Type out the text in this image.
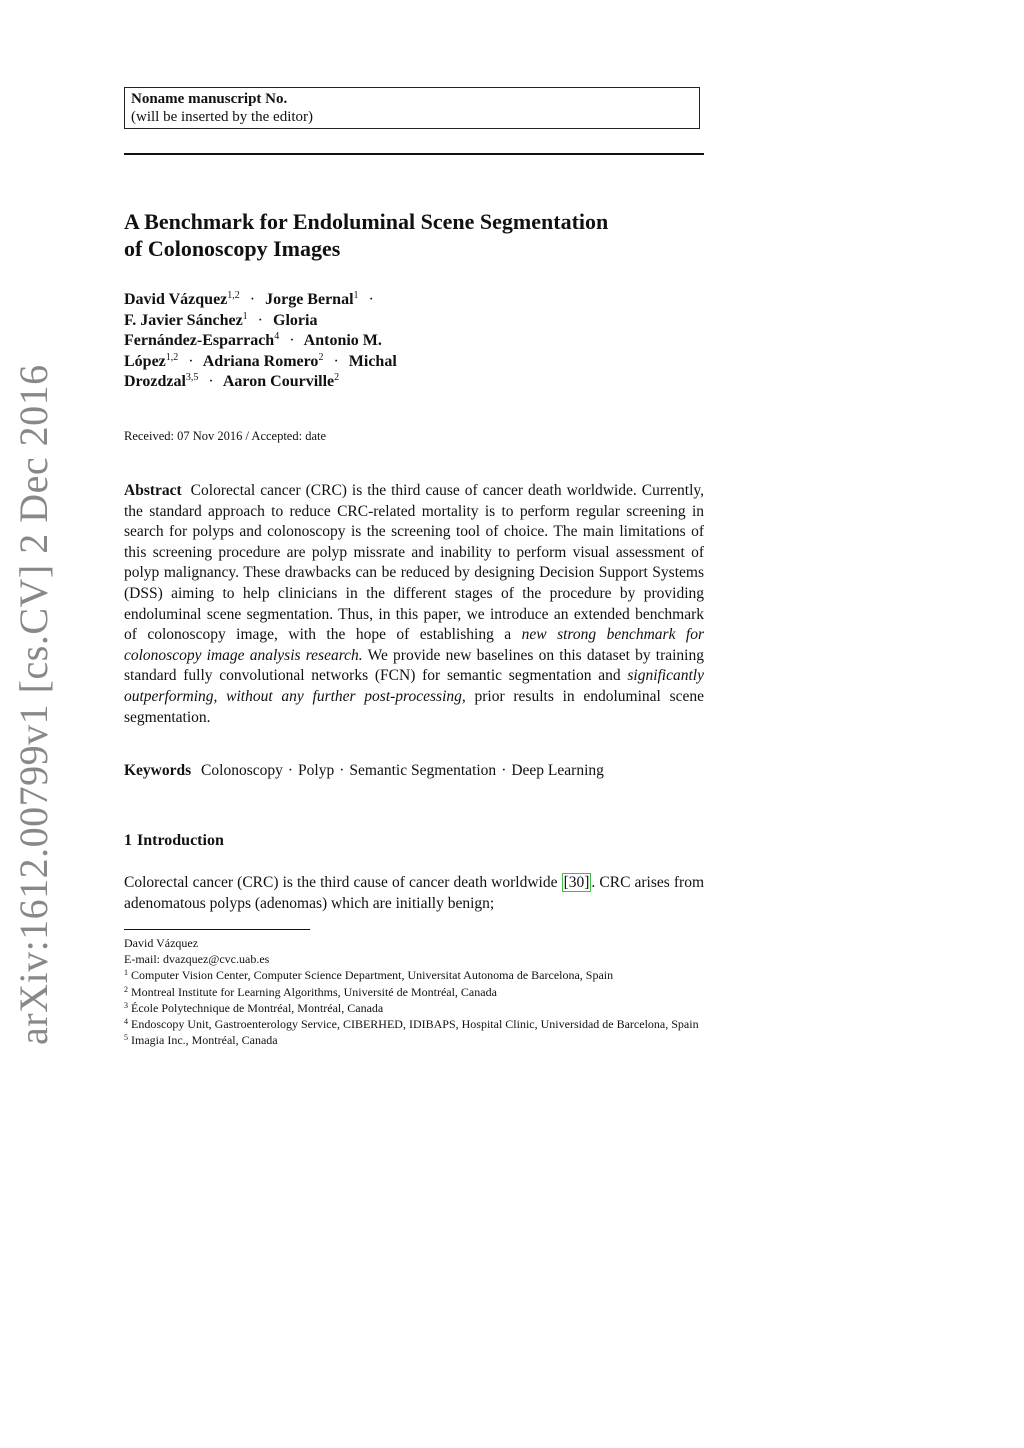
arXiv:1612.00799v1 [cs.CV] 2 Dec 2016
Noname manuscript No.
(will be inserted by the editor)
A Benchmark for Endoluminal Scene Segmentation
of Colonoscopy Images
David Vázquez$^{1,2}$ · Jorge Bernal$^1$ ·
F. Javier Sánchez$^1$ · Gloria
Fernández-Esparrach$^4$ · Antonio M.
López$^{1,2}$ · Adriana Romero$^2$ · Michal
Drozdzal$^{3,5}$ · Aaron Courville$^2$
Received: 07 Nov 2016 / Accepted: date
Abstract Colorectal cancer (CRC) is the third cause of cancer death worldwide. Currently, the standard approach to reduce CRC-related mortality is to perform regular screening in search for polyps and colonoscopy is the screening tool of choice. The main limitations of this screening procedure are polyp missrate and inability to perform visual assessment of polyp malignancy. These drawbacks can be reduced by designing Decision Support Systems (DSS) aiming to help clinicians in the different stages of the procedure by providing endoluminal scene segmentation. Thus, in this paper, we introduce an extended benchmark of colonoscopy image, with the hope of establishing a new strong benchmark for colonoscopy image analysis research. We provide new baselines on this dataset by training standard fully convolutional networks (FCN) for semantic segmentation and significantly outperforming, without any further post-processing, prior results in endoluminal scene segmentation.
Keywords Colonoscopy · Polyp · Semantic Segmentation · Deep Learning
1 Introduction
Colorectal cancer (CRC) is the third cause of cancer death worldwide [30] . CRC arises from adenomatous polyps (adenomas) which are initially benign;
David Vázquez
E-mail: dvazquez@cvc.uab.es
$^1$ Computer Vision Center, Computer Science Department, Universitat Autonoma de Barcelona, Spain
$^2$ Montreal Institute for Learning Algorithms, Université de Montréal, Canada
$^3$ École Polytechnique de Montréal, Montréal, Canada
$^4$ Endoscopy Unit, Gastroenterology Service, CIBERHED, IDIBAPS, Hospital Clinic, Universidad de Barcelona, Spain
$^5$ Imagia Inc., Montréal, Canada
